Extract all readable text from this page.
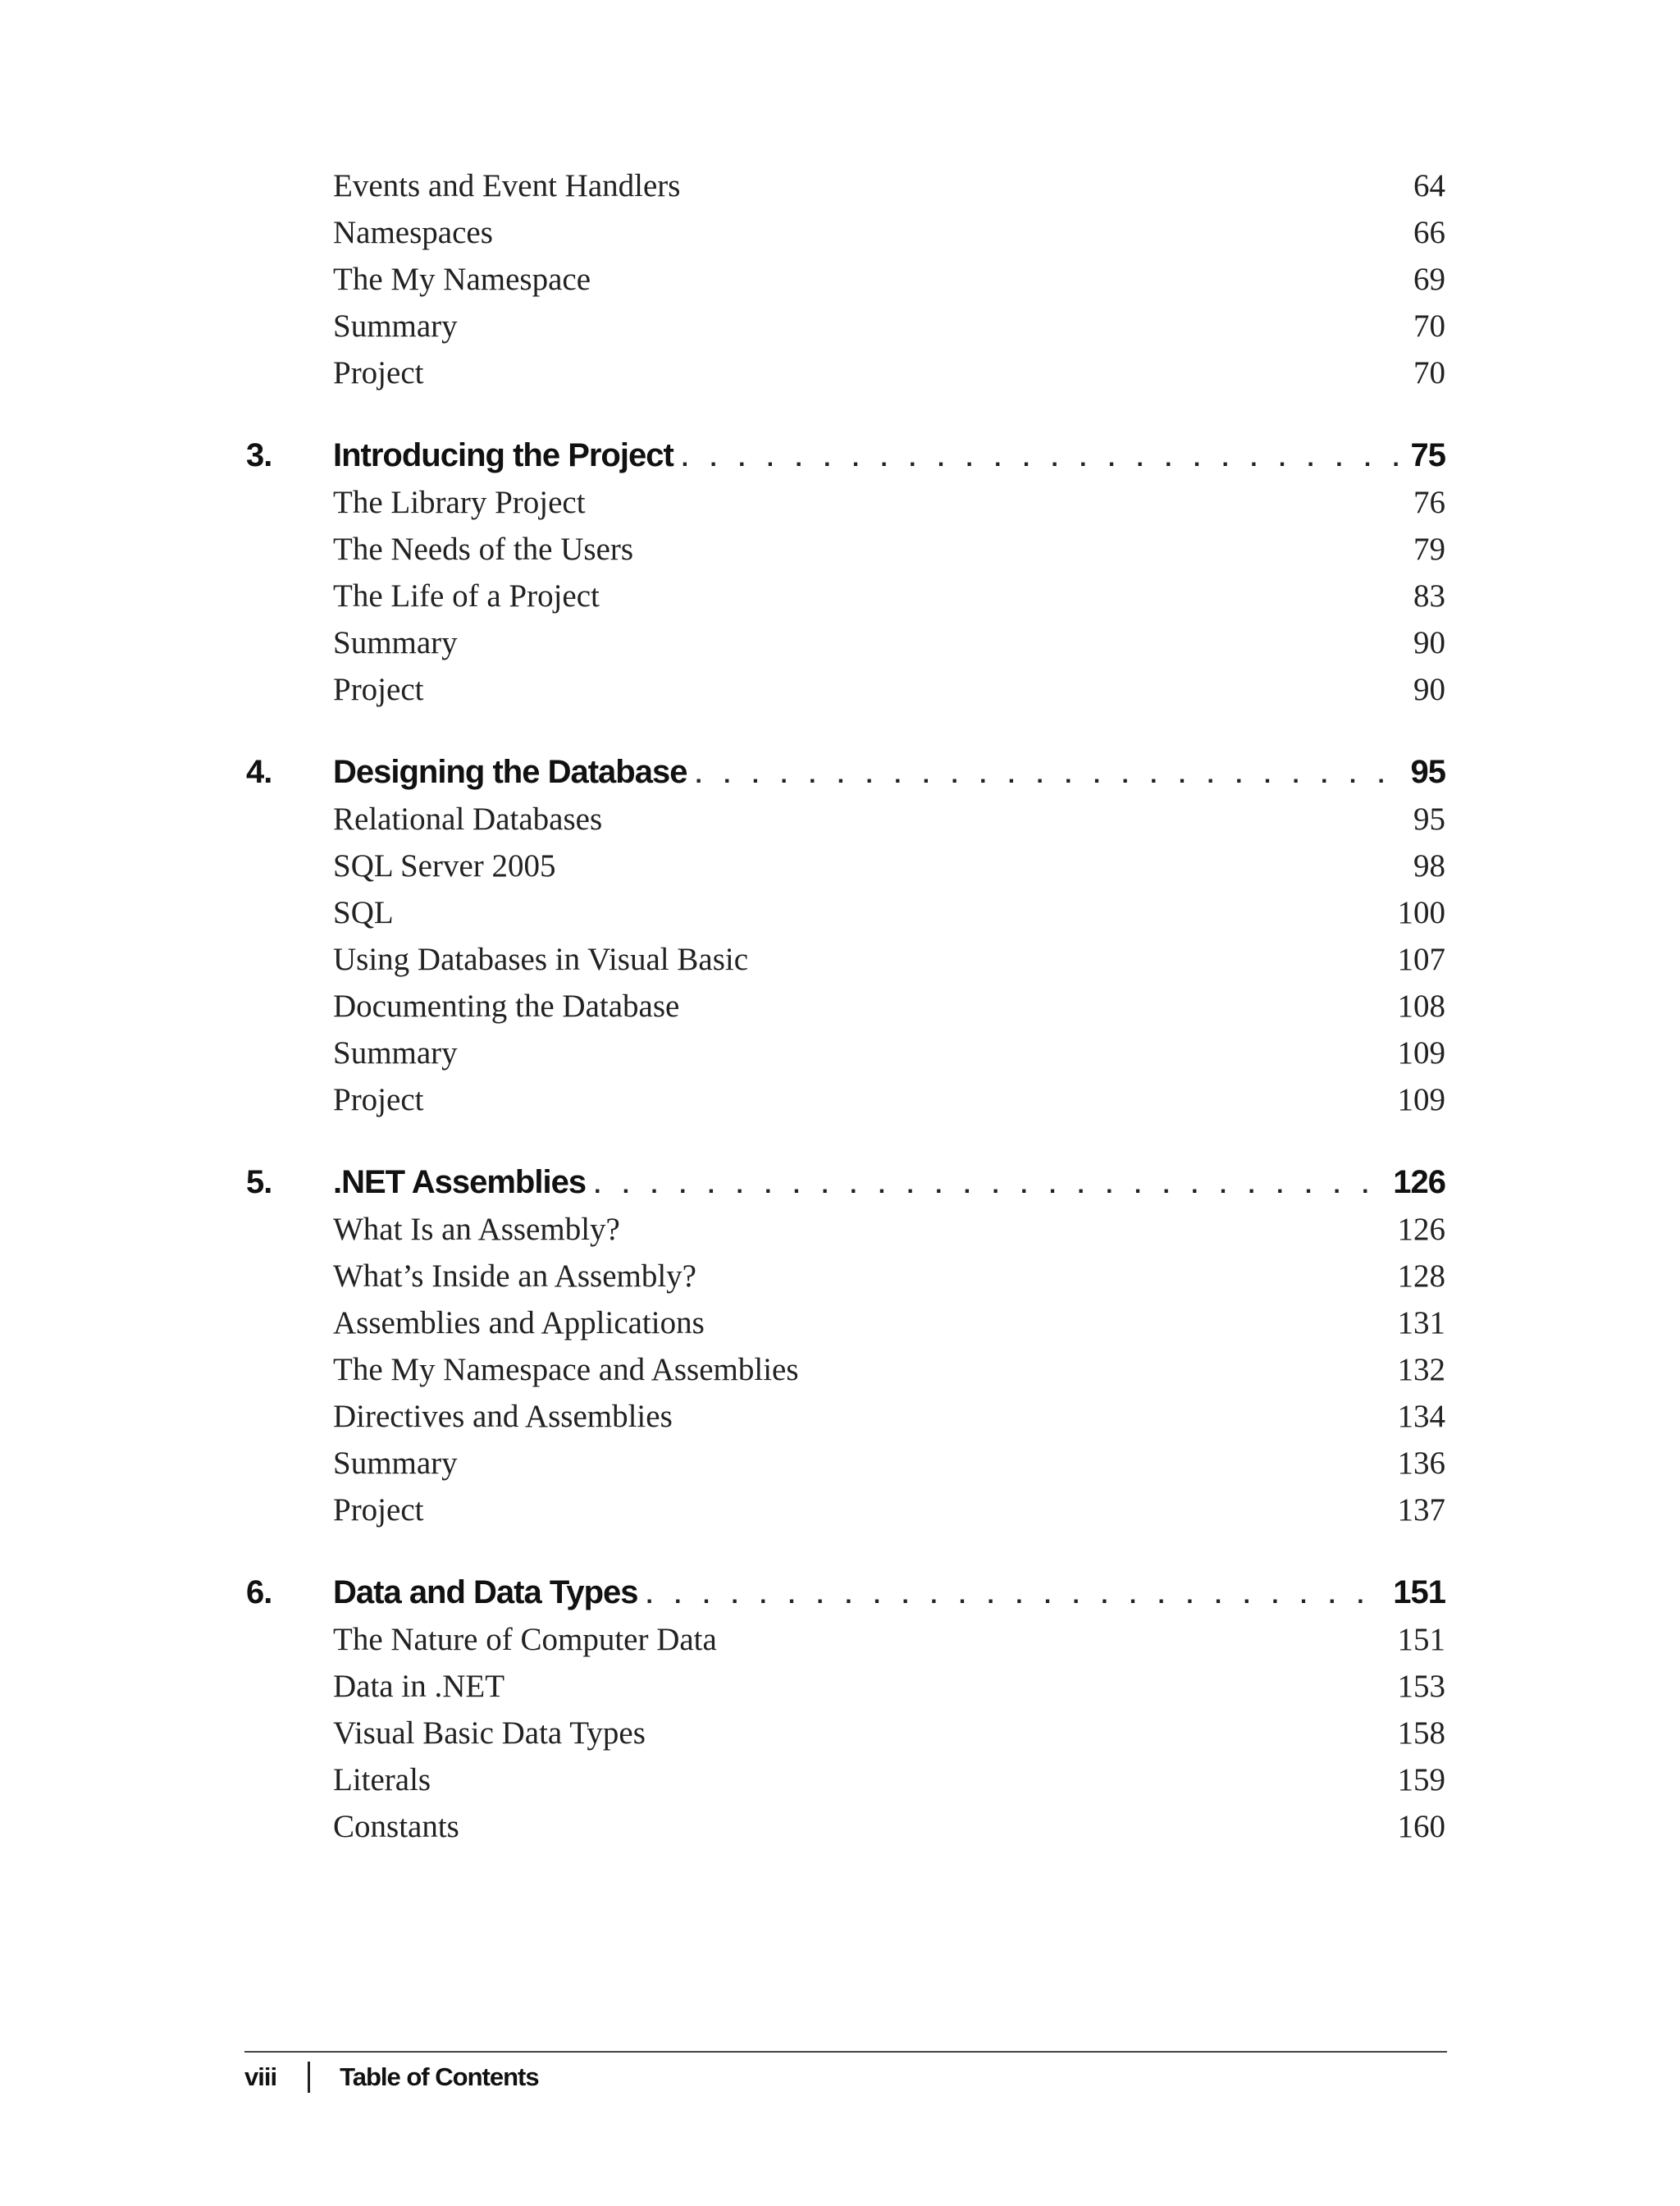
Events and Event Handlers	64
Namespaces	66
The My Namespace	69
Summary	70
Project	70
3.	Introducing the Project . . .	75
The Library Project	76
The Needs of the Users	79
The Life of a Project	83
Summary	90
Project	90
4.	Designing the Database . . .	95
Relational Databases	95
SQL Server 2005	98
SQL	100
Using Databases in Visual Basic	107
Documenting the Database	108
Summary	109
Project	109
5.	.NET Assemblies . . .	126
What Is an Assembly?	126
What’s Inside an Assembly?	128
Assemblies and Applications	131
The My Namespace and Assemblies	132
Directives and Assemblies	134
Summary	136
Project	137
6.	Data and Data Types . . .	151
The Nature of Computer Data	151
Data in .NET	153
Visual Basic Data Types	158
Literals	159
Constants	160
viii Table of Contents
